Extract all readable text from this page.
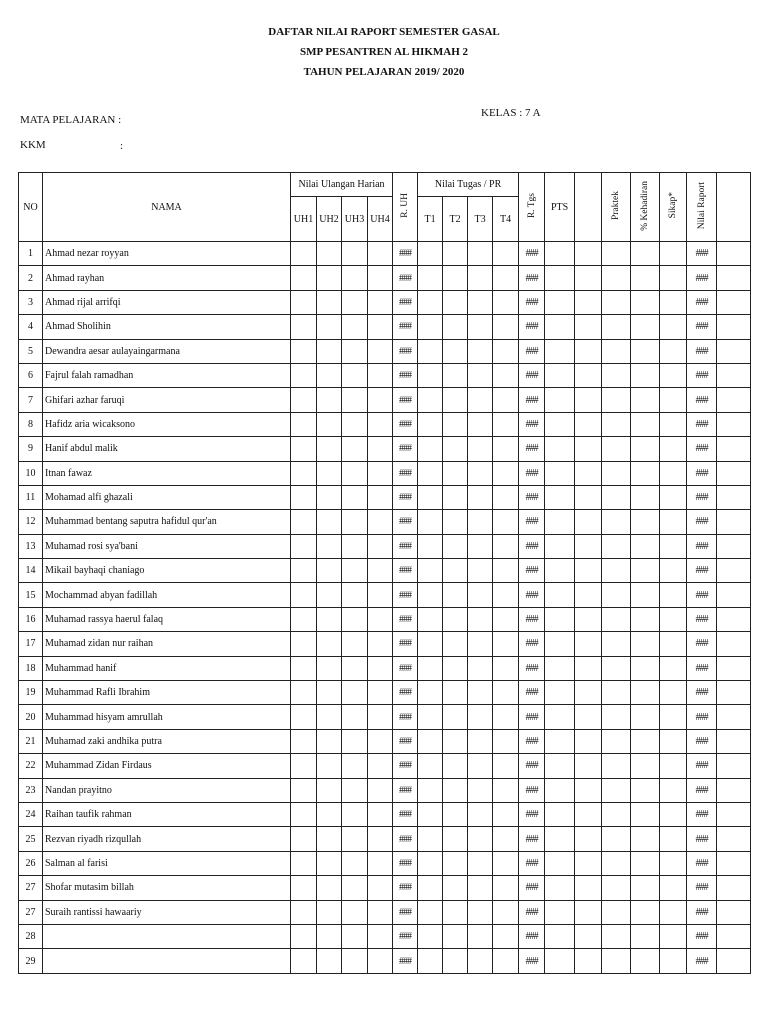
DAFTAR NILAI RAPORT SEMESTER GASAL
SMP PESANTREN AL HIKMAH 2
TAHUN PELAJARAN 2019/ 2020
MATA PELAJARAN :
KELAS : 7 A
KKM	:
NO	NAMA	Nilai Ulangan Harian				R. UH	Nilai Tugas / PR				R. Tgs	PTS		Praktek	% Kehadiran	Sikap*	Nilai Raport	
		UH1	UH2	UH3	UH4		T1	T2	T3	T4								
1	Ahmad nezar royyan					###					###						###	
2	Ahmad rayhan					###					###						###	
3	Ahmad rijal arrifqi					###					###						###	
4	Ahmad Sholihin					###					###						###	
5	Dewandra aesar aulayaingarmana					###					###						###	
6	Fajrul falah ramadhan					###					###						###	
7	Ghifari azhar faruqi					###					###						###	
8	Hafidz aria wicaksono					###					###						###	
9	Hanif abdul malik					###					###						###	
10	Itnan fawaz					###					###						###	
11	Mohamad alfi ghazali					###					###						###	
12	Muhammad bentang saputra hafidul qur'an					###					###						###	
13	Muhamad rosi sya'bani					###					###						###	
14	Mikail bayhaqi chaniago					###					###						###	
15	Mochammad abyan fadillah					###					###						###	
16	Muhamad rassya haerul falaq					###					###						###	
17	Muhamad zidan nur raihan					###					###						###	
18	Muhammad hanif					###					###						###	
19	Muhammad Rafli Ibrahim					###					###						###	
20	Muhammad hisyam amrullah					###					###						###	
21	Muhamad zaki andhika putra					###					###						###	
22	Muhammad Zidan Firdaus					###					###						###	
23	Nandan prayitno					###					###						###	
24	Raihan taufik rahman					###					###						###	
25	Rezvan riyadh rizqullah					###					###						###	
26	Salman al farisi					###					###						###	
27	Shofar mutasim billah					###					###						###	
27	Suraih rantissi hawaariy					###					###						###	
28						###					###						###	
29						###					###						###	
